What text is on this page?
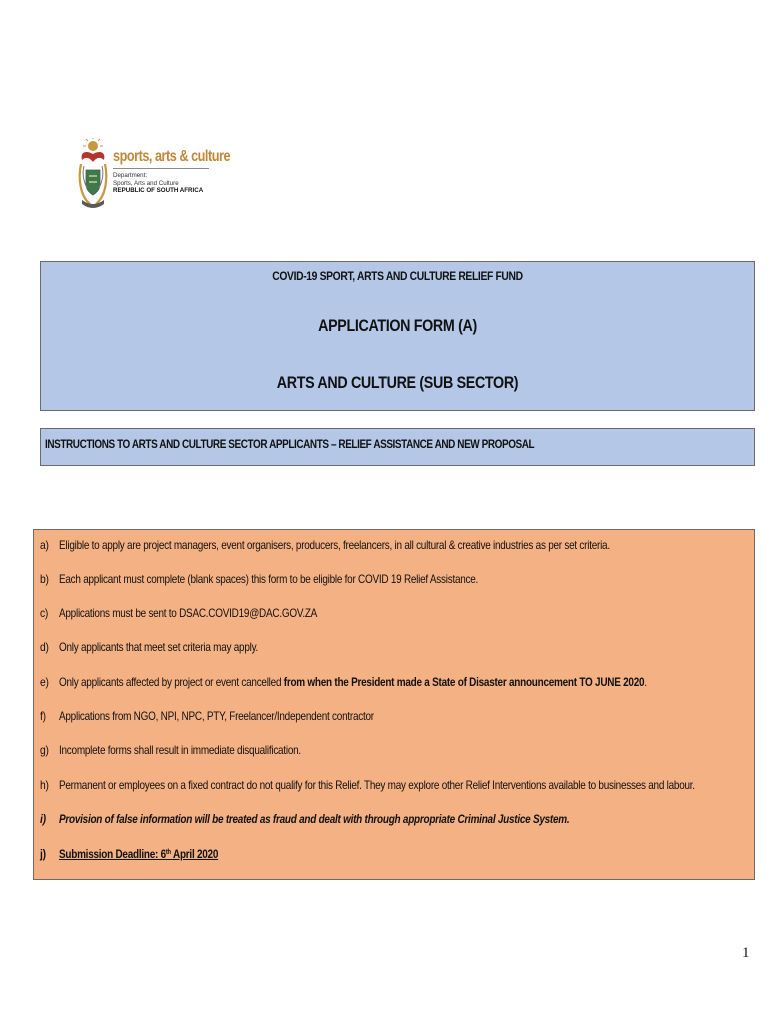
sports, arts & culture
Department:
Sports, Arts and Culture
REPUBLIC OF SOUTH AFRICA
COVID-19 SPORT, ARTS AND CULTURE RELIEF FUND
APPLICATION FORM (A)
ARTS AND CULTURE (SUB SECTOR)
INSTRUCTIONS TO ARTS AND CULTURE SECTOR APPLICANTS – RELIEF ASSISTANCE AND NEW PROPOSAL
a) Eligible to apply are project managers, event organisers, producers, freelancers, in all cultural & creative industries as per set criteria.
b) Each applicant must complete (blank spaces) this form to be eligible for COVID 19 Relief Assistance.
c) Applications must be sent to DSAC.COVID19@DAC.GOV.ZA
d) Only applicants that meet set criteria may apply.
e) Only applicants affected by project or event cancelled from when the President made a State of Disaster announcement TO JUNE 2020.
f) Applications from NGO, NPI, NPC, PTY, Freelancer/Independent contractor
g) Incomplete forms shall result in immediate disqualification.
h) Permanent or employees on a fixed contract do not qualify for this Relief. They may explore other Relief Interventions available to businesses and labour.
i) Provision of false information will be treated as fraud and dealt with through appropriate Criminal Justice System.
j) Submission Deadline: 6th April 2020
1
